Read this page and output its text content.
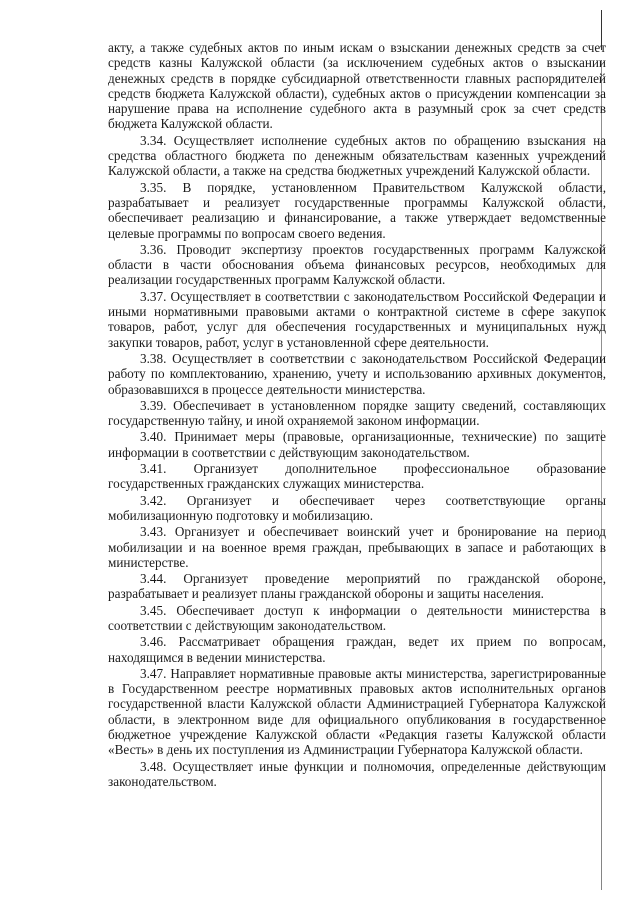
акту, а также судебных актов по иным искам о взыскании денежных средств за счет средств казны Калужской области (за исключением судебных актов о взыскании денежных средств в порядке субсидиарной ответственности главных распорядителей средств бюджета Калужской области), судебных актов о присуждении компенсации за нарушение права на исполнение судебного акта в разумный срок за счет средств бюджета Калужской области.

3.34. Осуществляет исполнение судебных актов по обращению взыскания на средства областного бюджета по денежным обязательствам казенных учреждений Калужской области, а также на средства бюджетных учреждений Калужской области.

3.35. В порядке, установленном Правительством Калужской области, разрабатывает и реализует государственные программы Калужской области, обеспечивает реализацию и финансирование, а также утверждает ведомственные целевые программы по вопросам своего ведения.

3.36. Проводит экспертизу проектов государственных программ Калужской области в части обоснования объема финансовых ресурсов, необходимых для реализации государственных программ Калужской области.

3.37. Осуществляет в соответствии с законодательством Российской Федерации и иными нормативными правовыми актами о контрактной системе в сфере закупок товаров, работ, услуг для обеспечения государственных и муниципальных нужд закупки товаров, работ, услуг в установленной сфере деятельности.

3.38. Осуществляет в соответствии с законодательством Российской Федерации работу по комплектованию, хранению, учету и использованию архивных документов, образовавшихся в процессе деятельности министерства.

3.39. Обеспечивает в установленном порядке защиту сведений, составляющих государственную тайну, и иной охраняемой законом информации.

3.40. Принимает меры (правовые, организационные, технические) по защите информации в соответствии с действующим законодательством.

3.41. Организует дополнительное профессиональное образование государственных гражданских служащих министерства.

3.42. Организует и обеспечивает через соответствующие органы мобилизационную подготовку и мобилизацию.

3.43. Организует и обеспечивает воинский учет и бронирование на период мобилизации и на военное время граждан, пребывающих в запасе и работающих в министерстве.

3.44. Организует проведение мероприятий по гражданской обороне, разрабатывает и реализует планы гражданской обороны и защиты населения.

3.45. Обеспечивает доступ к информации о деятельности министерства в соответствии с действующим законодательством.

3.46. Рассматривает обращения граждан, ведет их прием по вопросам, находящимся в ведении министерства.

3.47. Направляет нормативные правовые акты министерства, зарегистрированные в Государственном реестре нормативных правовых актов исполнительных органов государственной власти Калужской области Администрацией Губернатора Калужской области, в электронном виде для официального опубликования в государственное бюджетное учреждение Калужской области «Редакция газеты Калужской области «Весть» в день их поступления из Администрации Губернатора Калужской области.

3.48. Осуществляет иные функции и полномочия, определенные действующим законодательством.
